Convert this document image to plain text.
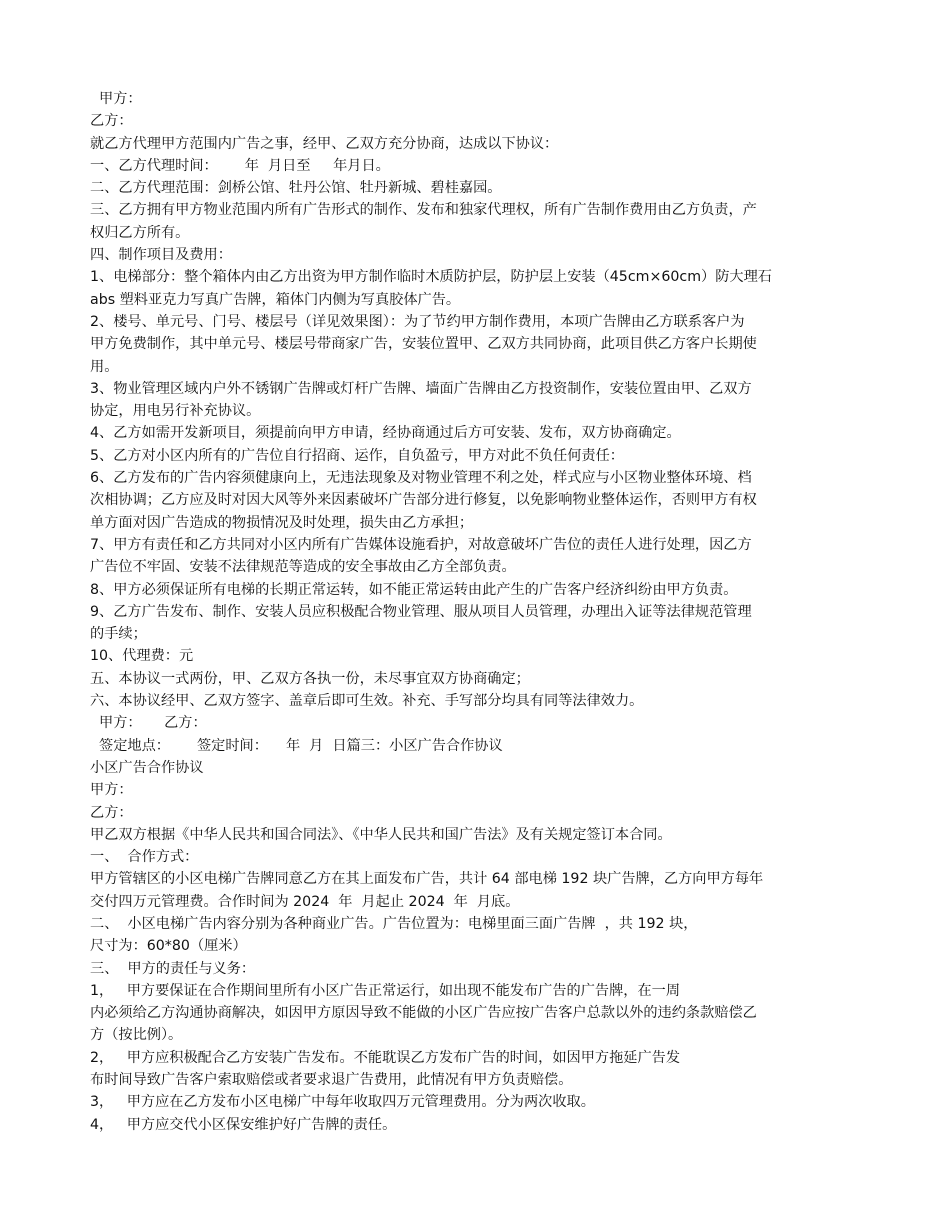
甲方：

乙方：

就乙方代理甲方范围内广告之事，经甲、乙双方充分协商，达成以下协议：

一、乙方代理时间：      年  月日至     年月日。

二、乙方代理范围：剑桥公馆、牡丹公馆、牡丹新城、碧桂嘉园。

三、乙方拥有甲方物业范围内所有广告形式的制作、发布和独家代理权，所有广告制作费用由乙方负责，产

权归乙方所有。

四、制作项目及费用：

1、电梯部分：整个箱体内由乙方出资为甲方制作临时木质防护层，防护层上安装（45cm×60cm）防大理石

abs 塑料亚克力写真广告牌，箱体门内侧为写真胶体广告。

2、楼号、单元号、门号、楼层号（详见效果图）：为了节约甲方制作费用，本项广告牌由乙方联系客户为

甲方免费制作，其中单元号、楼层号带商家广告，安装位置甲、乙双方共同协商，此项目供乙方客户长期使

用。

3、物业管理区域内户外不锈钢广告牌或灯杆广告牌、墙面广告牌由乙方投资制作，安装位置由甲、乙双方

协定，用电另行补充协议。

4、乙方如需开发新项目，须提前向甲方申请，经协商通过后方可安装、发布，双方协商确定。

5、乙方对小区内所有的广告位自行招商、运作，自负盈亏，甲方对此不负任何责任：

6、乙方发布的广告内容须健康向上，无违法现象及对物业管理不利之处，样式应与小区物业整体环境、档

次相协调；乙方应及时对因大风等外来因素破坏广告部分进行修复，以免影响物业整体运作，否则甲方有权

单方面对因广告造成的物损情况及时处理，损失由乙方承担；

7、甲方有责任和乙方共同对小区内所有广告媒体设施看护，对故意破坏广告位的责任人进行处理，因乙方

广告位不牢固、安装不法律规范等造成的安全事故由乙方全部负责。

8、甲方必须保证所有电梯的长期正常运转，如不能正常运转由此产生的广告客户经济纠纷由甲方负责。

9、乙方广告发布、制作、安装人员应积极配合物业管理、服从项目人员管理，办理出入证等法律规范管理

的手续；

10、代理费：元

五、本协议一式两份，甲、乙双方各执一份，未尽事宜双方协商确定；

六、本协议经甲、乙双方签字、盖章后即可生效。补充、手写部分均具有同等法律效力。

甲方：     乙方：

签定地点：      签定时间：    年  月  日篇三：小区广告合作协议

小区广告合作协议

甲方：

乙方：

甲乙双方根据《中华人民共和国合同法》、《中华人民共和国广告法》及有关规定签订本合同。

一、  合作方式：

甲方管辖区的小区电梯广告牌同意乙方在其上面发布广告，共计 64 部电梯 192 块广告牌，乙方向甲方每年

交付四万元管理费。合作时间为 2024  年  月起止 2024  年  月底。

二、  小区电梯广告内容分别为各种商业广告。广告位置为：电梯里面三面广告牌  ，共 192 块，

尺寸为：60*80（厘米）

三、  甲方的责任与义务：

1，   甲方要保证在合作期间里所有小区广告正常运行，如出现不能发布广告的广告牌，在一周

内必须给乙方沟通协商解决，如因甲方原因导致不能做的小区广告应按广告客户总款以外的违约条款赔偿乙

方（按比例）。

2，   甲方应积极配合乙方安装广告发布。不能耽误乙方发布广告的时间，如因甲方拖延广告发

布时间导致广告客户索取赔偿或者要求退广告费用，此情况有甲方负责赔偿。

3，   甲方应在乙方发布小区电梯广中每年收取四万元管理费用。分为两次收取。

4，   甲方应交代小区保安维护好广告牌的责任。
